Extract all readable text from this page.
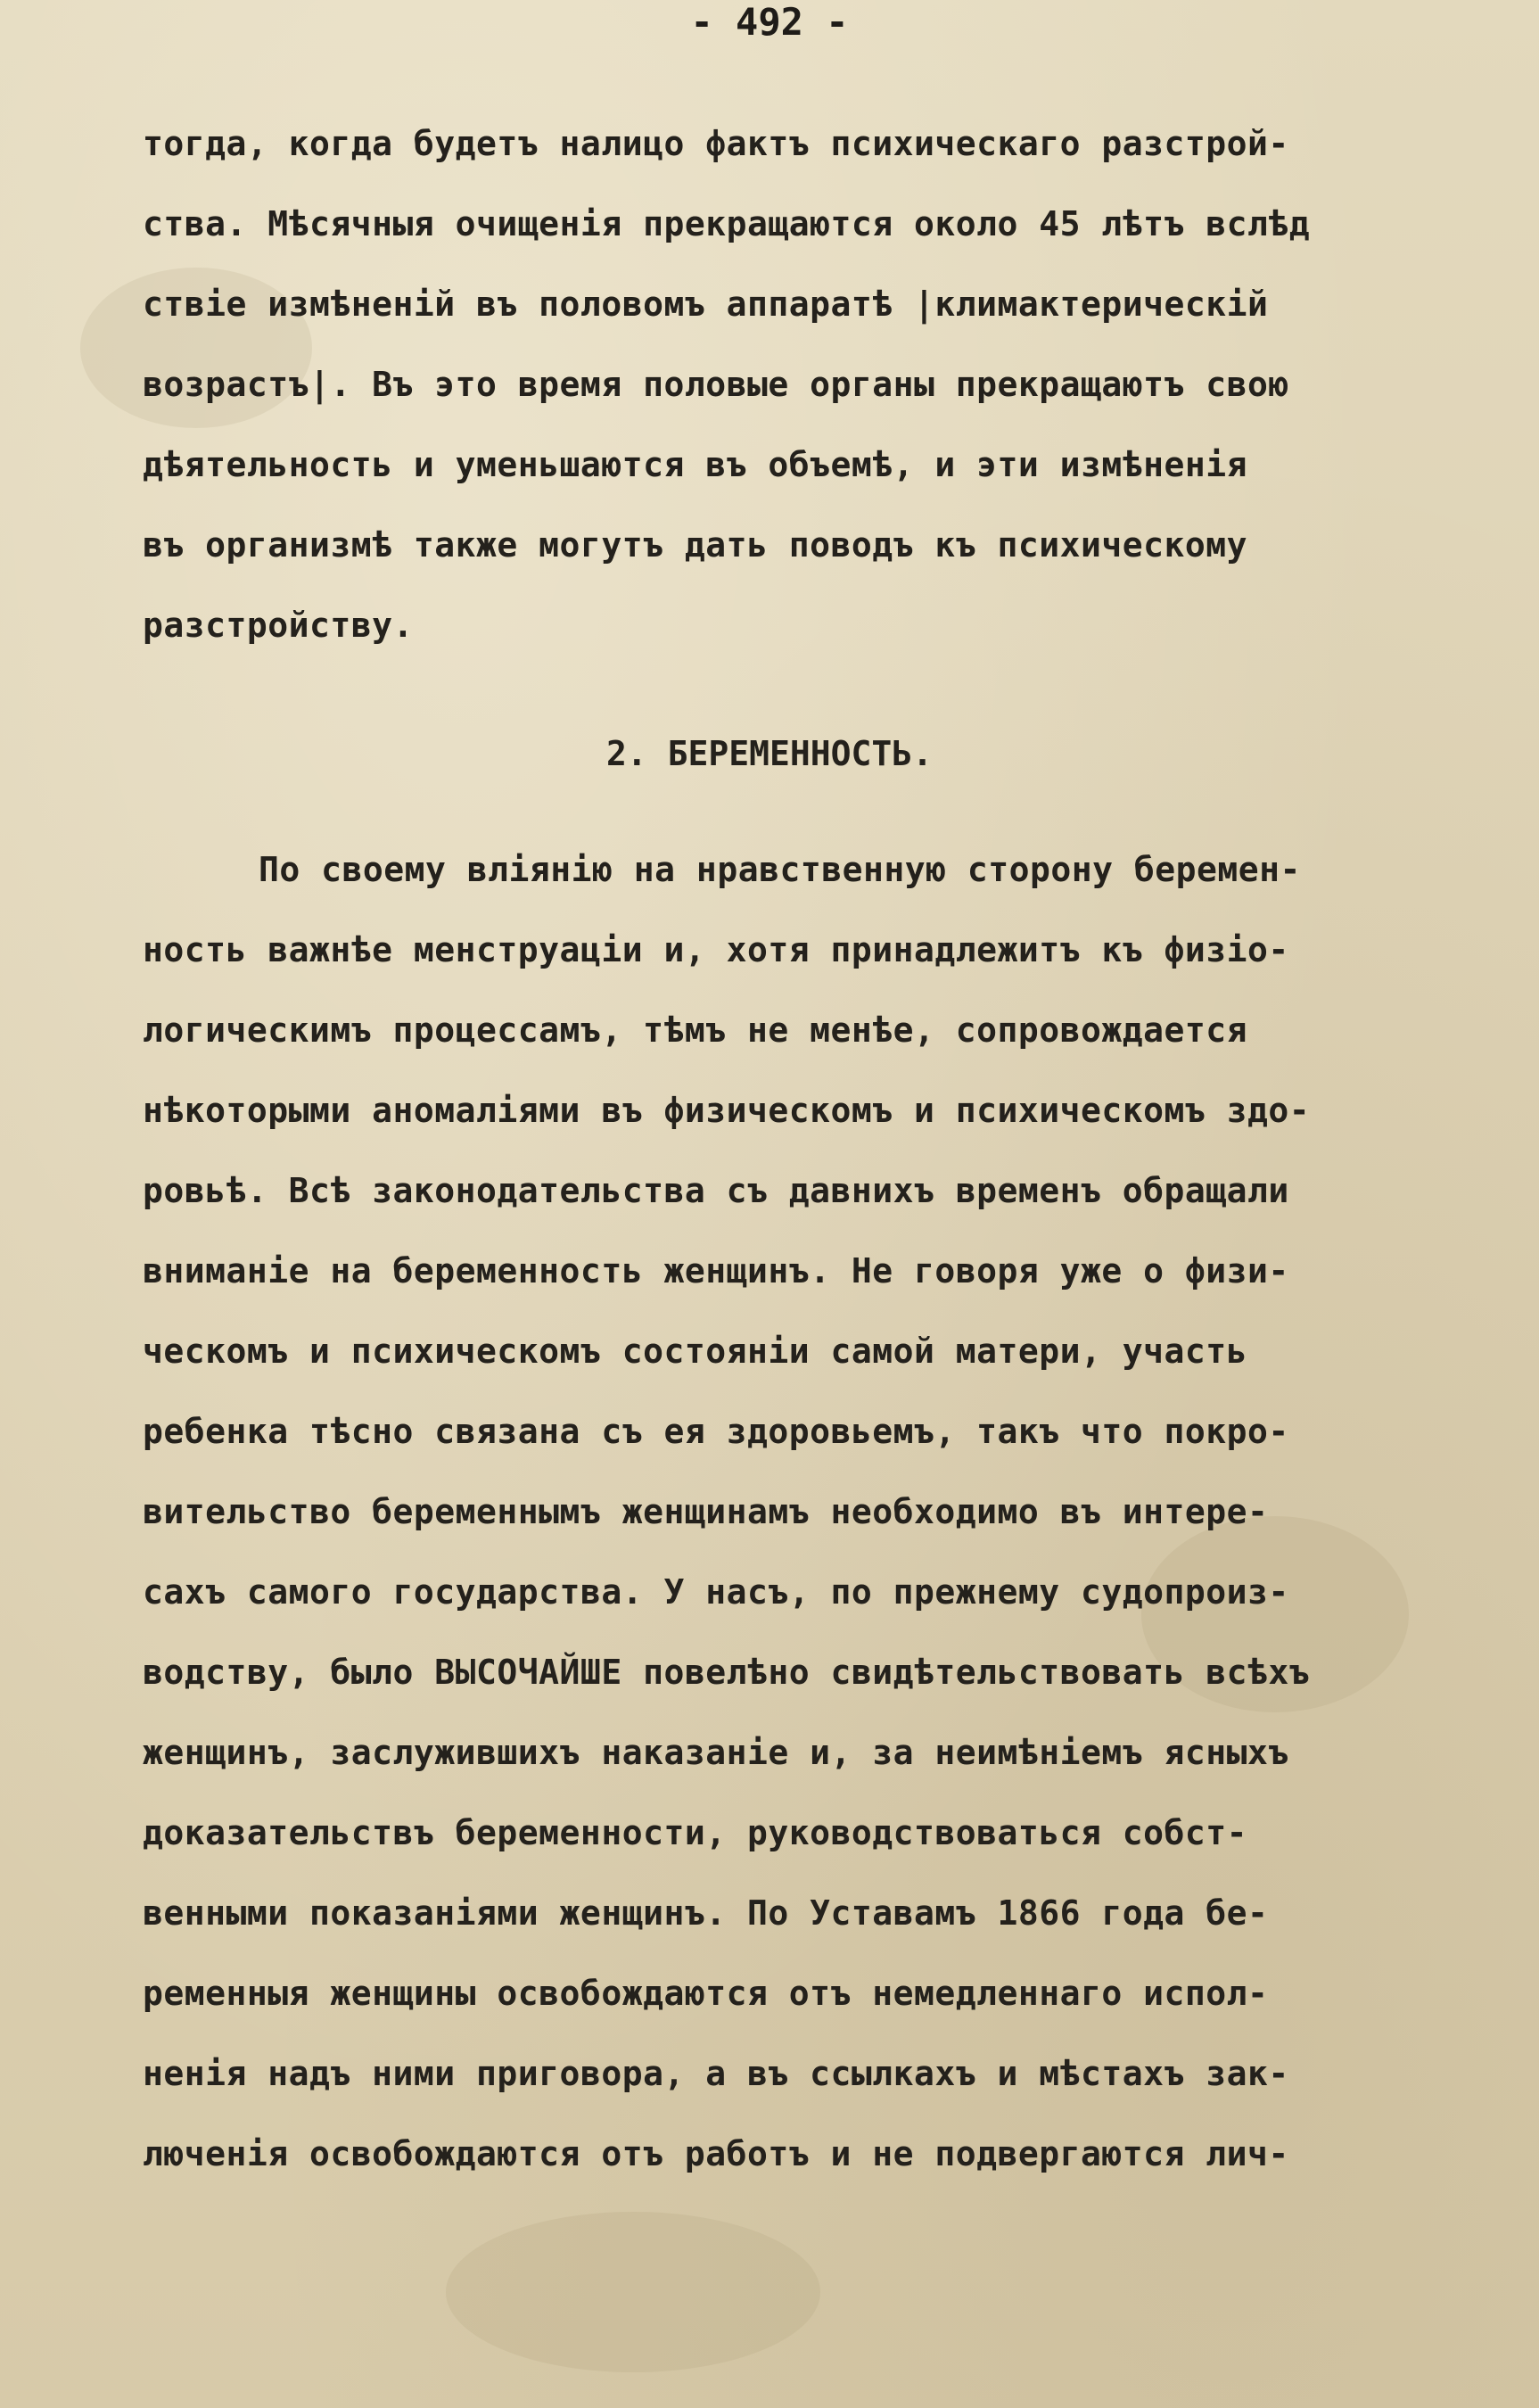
- 492 -
тогда, когда будетъ налицо фактъ психическаго разстрой-
ства. Мѣсячныя очищенія прекращаются около 45 лѣтъ вслѣд
ствіе измѣненій въ половомъ аппаратѣ |климактерическій
возрастъ|. Въ это время половые органы прекращаютъ свою
дѣятельность и уменьшаются въ объемѣ, и эти измѣненія
въ организмѣ также могутъ дать поводъ къ психическому
разстройству.
2. БЕРЕМЕННОСТЬ.
По своему вліянію на нравственную сторону беремен-
ность важнѣе менструаціи и, хотя принадлежитъ къ физіо-
логическимъ процессамъ, тѣмъ не менѣе, сопровождается
нѣкоторыми аномаліями въ физическомъ и психическомъ здо-
ровьѣ. Всѣ законодательства съ давнихъ временъ обращали
вниманіе на беременность женщинъ. Не говоря уже о физи-
ческомъ и психическомъ состояніи самой матери, участь
ребенка тѣсно связана съ ея здоровьемъ, такъ что покро-
вительство беременнымъ женщинамъ необходимо въ интере-
сахъ самого государства. У насъ, по прежнему судопроиз-
водству, было ВЫСОЧАЙШЕ повелѣно свидѣтельствовать всѣхъ
женщинъ, заслужившихъ наказаніе и, за неимѣніемъ ясныхъ
доказательствъ беременности, руководствоваться собст-
венными показаніями женщинъ. По Уставамъ 1866 года бе-
ременныя женщины освобождаются отъ немедленнаго испол-
ненія надъ ними приговора, а въ ссылкахъ и мѣстахъ зак-
люченія освобождаются отъ работъ и не подвергаются лич-
